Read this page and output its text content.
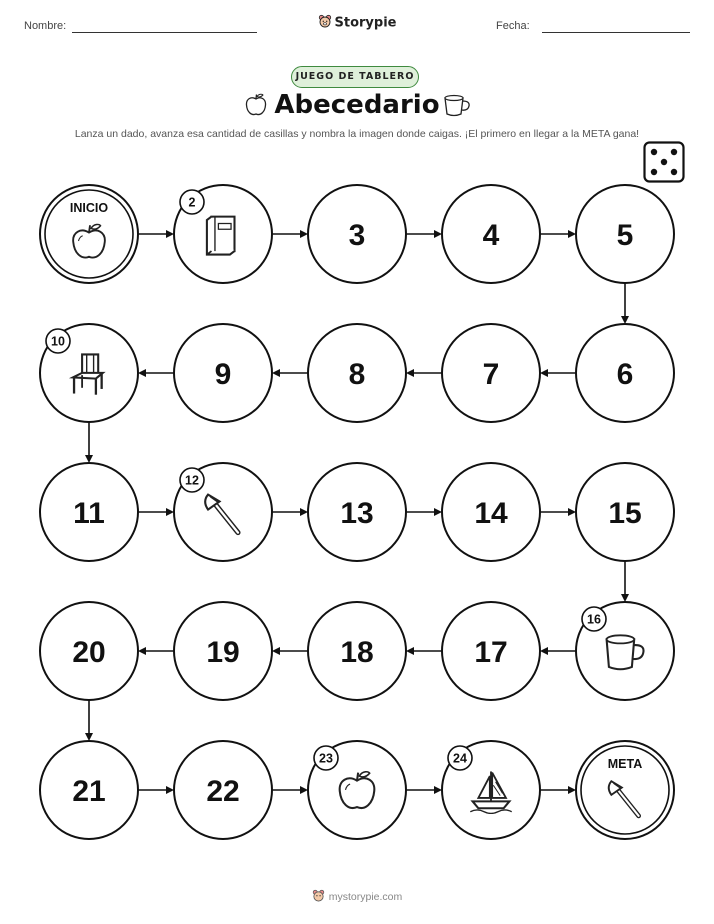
Nombre:	Fecha:
Storypie
JUEGO DE TABLERO
Abecedario
Lanza un dado, avanza esa cantidad de casillas y nombra la imagen donde caigas. ¡El primero en llegar a la META gana!
INICIO	2
3	4	5
6
7
8
9
10
11
12
13	14	15
16
17
18
19
20
21	22
23	24	META
mystorypie.com
